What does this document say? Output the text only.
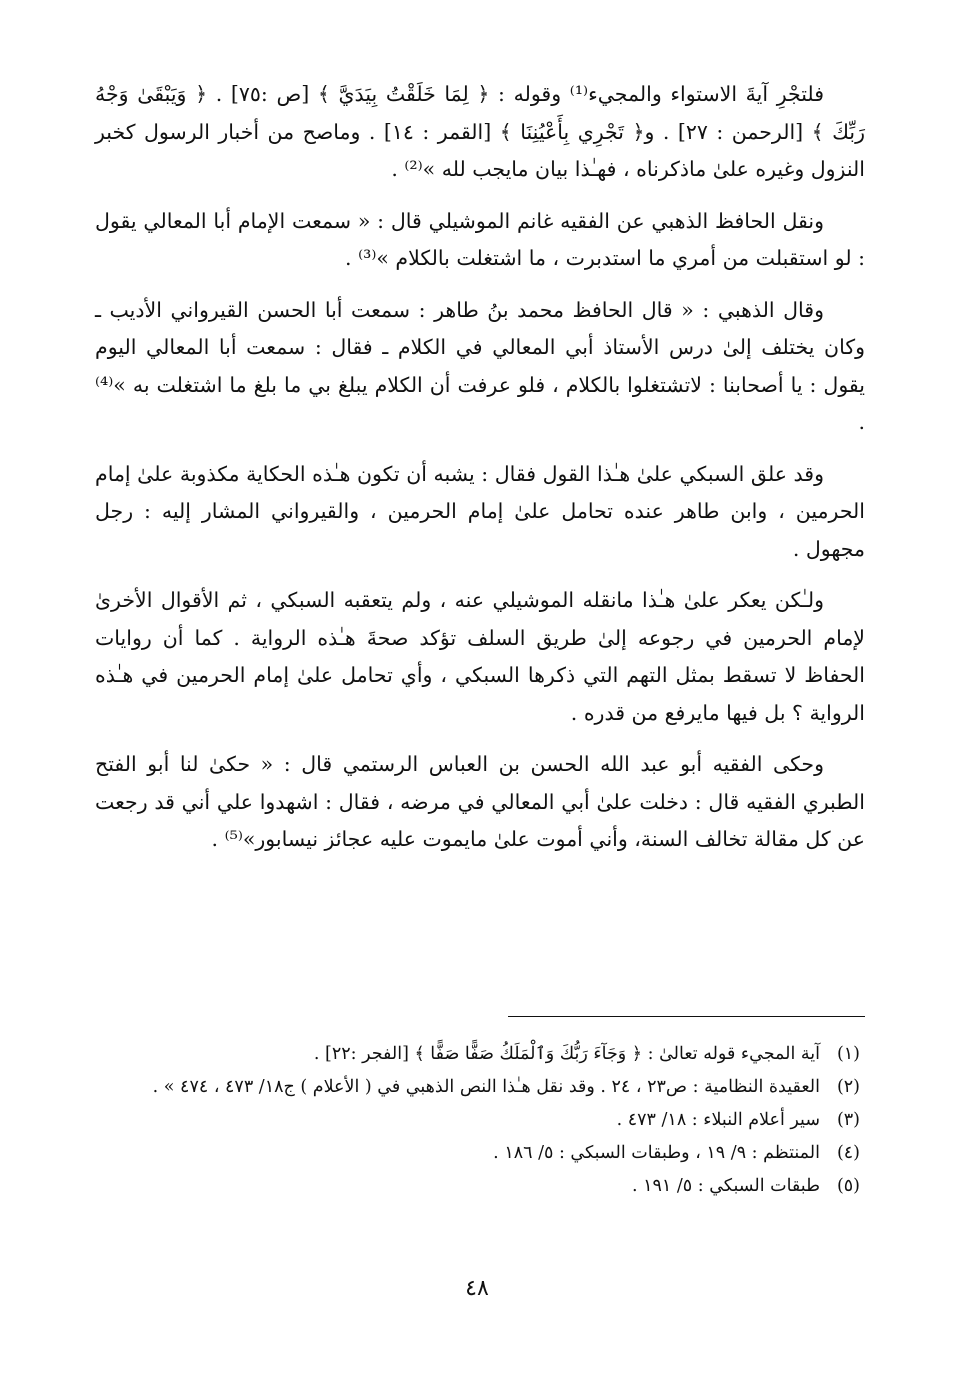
فلتجْرِ آيةَ الاستواء والمجيء⁽¹⁾ وقوله : ﴿ لِمَا خَلَقْتُ بِيَدَيَّ ﴾ [ص :٧٥] . ﴿ وَيَبْقَىٰ وَجْهُ رَبِّكَ ﴾ [الرحمن : ٢٧] . و﴿ تَجْرِي بِأَعْيُنِنَا ﴾ [القمر : ١٤] . وماصح من أخبار الرسول كخبر النزول وغيره علىٰ ماذكرناه ، فهـٰذا بيان مايجب لله »⁽²⁾ .

ونقل الحافظ الذهبي عن الفقيه غانم الموشيلي قال : « سمعت الإمام أبا المعالي يقول : لو استقبلت من أمري ما استدبرت ، ما اشتغلت بالكلام »⁽³⁾ .

وقال الذهبي : « قال الحافظ محمد بنُ طاهر : سمعت أبا الحسن القيرواني الأديب ـ وكان يختلف إلىٰ درس الأستاذ أبي المعالي في الكلام ـ فقال : سمعت أبا المعالي اليوم يقول : يا أصحابنا : لاتشتغلوا بالكلام ، فلو عرفت أن الكلام يبلغ بي ما بلغ ما اشتغلت به »⁽⁴⁾ .

وقد علق السبكي علىٰ هـٰذا القول فقال : يشبه أن تكون هـٰذه الحكاية مكذوبة علىٰ إمام الحرمين ، وابن طاهر عنده تحامل علىٰ إمام الحرمين ، والقيرواني المشار إليه : رجل مجهول .

ولـٰكن يعكر علىٰ هـٰذا مانقله الموشيلي عنه ، ولم يتعقبه السبكي ، ثم الأقوال الأخرىٰ لإمام الحرمين في رجوعه إلىٰ طريق السلف تؤكد صحةَ هـٰذه الرواية . كما أن روايات الحفاظ لا تسقط بمثل التهم التي ذكرها السبكي ، وأي تحامل علىٰ إمام الحرمين في هـٰذه الرواية ؟ بل فيها مايرفع من قدره .

وحكى الفقيه أبو عبد الله الحسن بن العباس الرستمي قال : « حكىٰ لنا أبو الفتح الطبري الفقيه قال : دخلت علىٰ أبي المعالي في مرضه ، فقال : اشهدوا علي أني قد رجعت عن كل مقالة تخالف السنة، وأني أموت علىٰ مايموت عليه عجائز نيسابور»⁽⁵⁾ .

(١)
آية المجيء قوله تعالىٰ : ﴿ وَجَآءَ رَبُّكَ وَٱلْمَلَكُ صَفًّا صَفًّا ﴾ [الفجر :٢٢] .
(٢)
العقيدة النظامية : ص٢٣ ، ٢٤ . وقد نقل هـٰذا النص الذهبي في ( الأعلام ) ج١٨/ ٤٧٣ ، ٤٧٤ » .
(٣)
سير أعلام النبلاء : ١٨/ ٤٧٣ .
(٤)
المنتظم : ٩/ ١٩ ، وطبقات السبكي : ٥/ ١٨٦ .
(٥)
طبقات السبكي : ٥/ ١٩١ .
٤٨
